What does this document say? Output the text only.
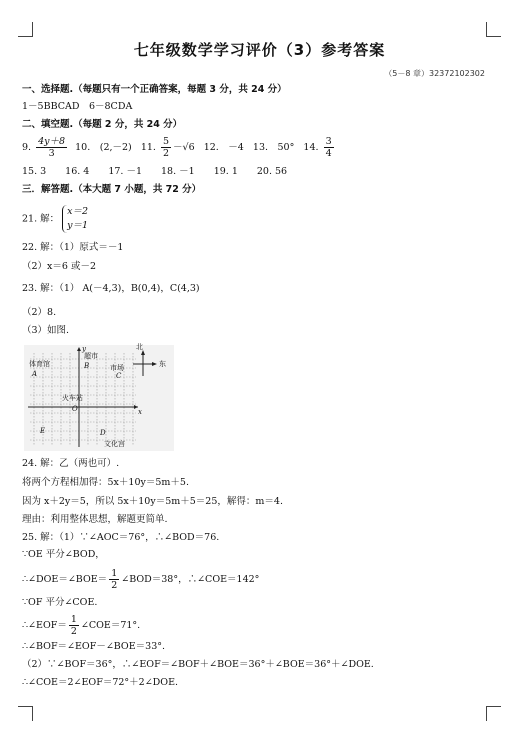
七年级数学学习评价（3）参考答案
（5－8 章）32372102302
一、选择题.（每题只有一个正确答案，每题 3 分，共 24 分）
1－5BBCAD　6－8CDA
二、填空题.（每题 2 分，共 24 分）
9. $\frac{4y+8}{3} 10$.　(2,－2) 11. $\frac{5}{2} -√6$ 12.　－4 13.　50° 14. $\frac{3}{4}$
15. 3　　16. 4　　17. －1　　18. －1　　19. 1　　20. 56
三．解答题.（本大题 7 小题，共 72 分）
21. 解：
x＝2
y＝1
22. 解：（1）原式＝－1
（2）x＝6 或－2
23. 解：（1） A(－4,3)，B(0,4)，C(4,3)
（2）8.
（3）如图.
y
x
体育馆
A
超市
B	市场
C
火车站
O
E	D
文化宫
北
东
24. 解：乙（两也可）.
将两个方程相加得：5x＋10y＝5m＋5.
因为 x＋2y＝5，所以 5x＋10y＝5m＋5＝25，解得：m＝4.
理由：利用整体思想，解题更简单.
25. 解：（1）∵∠AOC＝76°，∴∠BOD＝76.
∵OE 平分∠BOD，
∴∠DOE＝∠BOE＝ $\frac{1}{2}$ ∠BOD＝38°，∴∠COE＝142°
∵OF 平分∠COE.
∴∠EOF＝ $\frac{1}{2}$ ∠COE＝71°.
∴∠BOF＝∠EOF－∠BOE＝33°.
（2）∵∠BOF＝36°，∴∠EOF＝∠BOF＋∠BOE＝36°＋∠BOE＝36°＋∠DOE.
∴∠COE＝2∠EOF＝72°＋2∠DOE.
